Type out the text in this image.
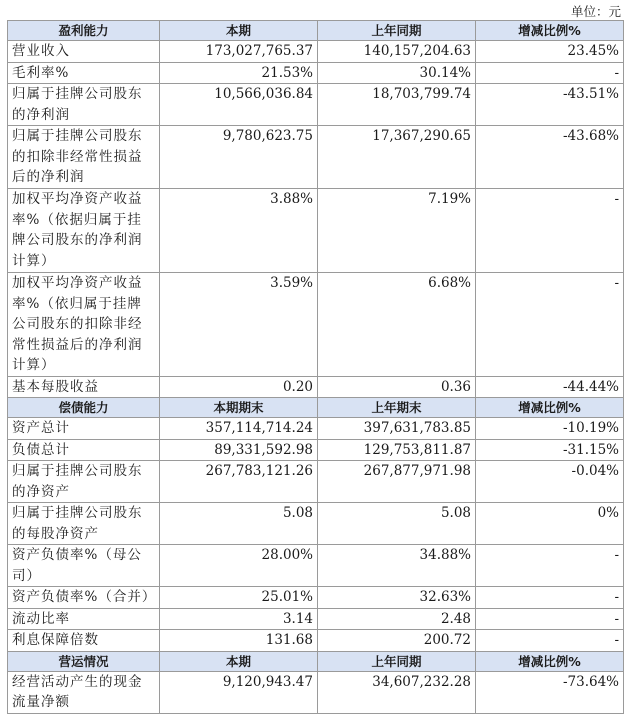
单位：元
盈利能力	本期	上年同期	增减比例%
营业收入	173,027,765.37	140,157,204.63	23.45%
毛利率%	21.53%	30.14%	-
归属于挂牌公司股东的净利润	10,566,036.84	18,703,799.74	-43.51%
归属于挂牌公司股东的扣除非经常性损益后的净利润	9,780,623.75	17,367,290.65	-43.68%
加权平均净资产收益率%（依据归属于挂牌公司股东的净利润计算）	3.88%	7.19%	-
加权平均净资产收益率%（依归属于挂牌公司股东的扣除非经常性损益后的净利润计算）	3.59%	6.68%	-
基本每股收益	0.20	0.36	-44.44%
偿债能力	本期期末	上年期末	增减比例%
资产总计	357,114,714.24	397,631,783.85	-10.19%
负债总计	89,331,592.98	129,753,811.87	-31.15%
归属于挂牌公司股东的净资产	267,783,121.26	267,877,971.98	-0.04%
归属于挂牌公司股东的每股净资产	5.08	5.08	0%
资产负债率%（母公司）	28.00%	34.88%	-
资产负债率%（合并）	25.01%	32.63%	-
流动比率	3.14	2.48	-
利息保障倍数	131.68	200.72	-
营运情况	本期	上年同期	增减比例%
经营活动产生的现金流量净额	9,120,943.47	34,607,232.28	-73.64%
